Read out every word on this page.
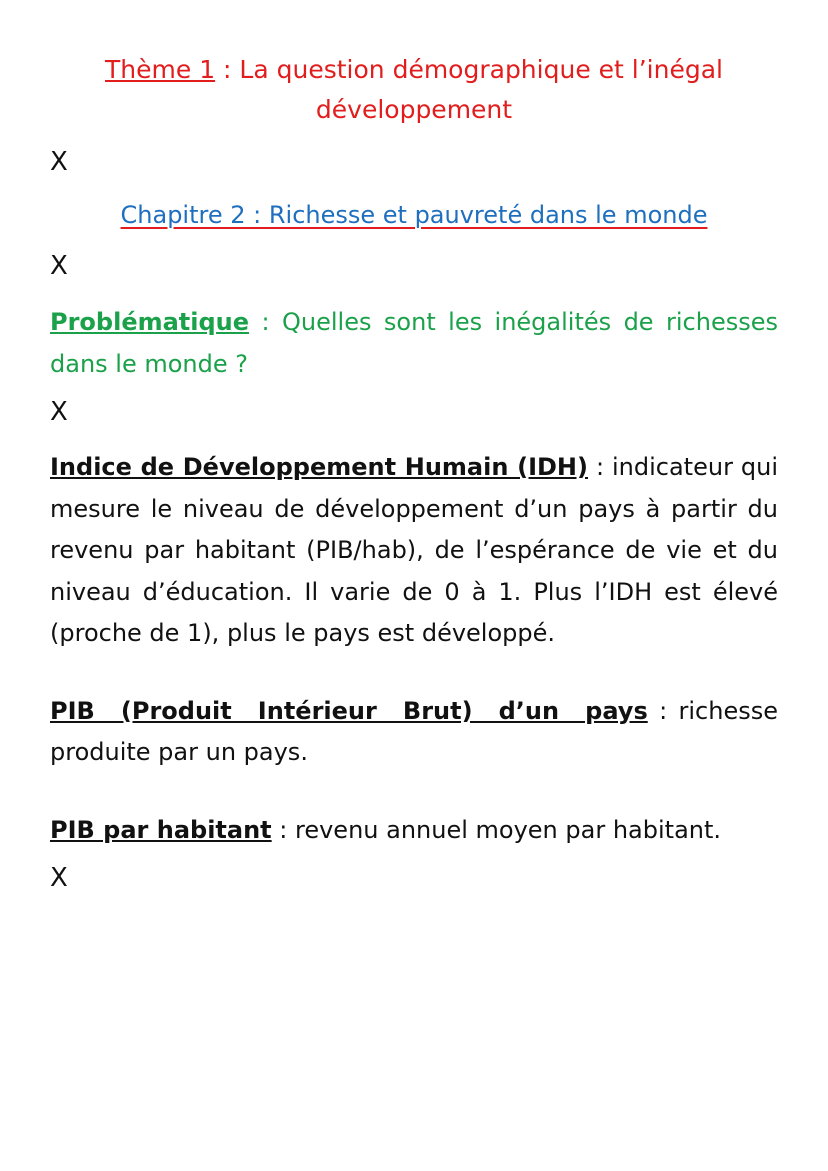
Thème 1 : La question démographique et l’inégal développement

X

Chapitre 2 : Richesse et pauvreté dans le monde

X

Problématique : Quelles sont les inégalités de richesses dans le monde ?

X

Indice de Développement Humain (IDH) : indicateur qui mesure le niveau de développement d’un pays à partir du revenu par habitant (PIB/hab), de l’espérance de vie et du niveau d’éducation. Il varie de 0 à 1. Plus l’IDH est élevé (proche de 1), plus le pays est développé.

PIB (Produit Intérieur Brut) d’un pays : richesse produite par un pays.

PIB par habitant : revenu annuel moyen par habitant.

X
